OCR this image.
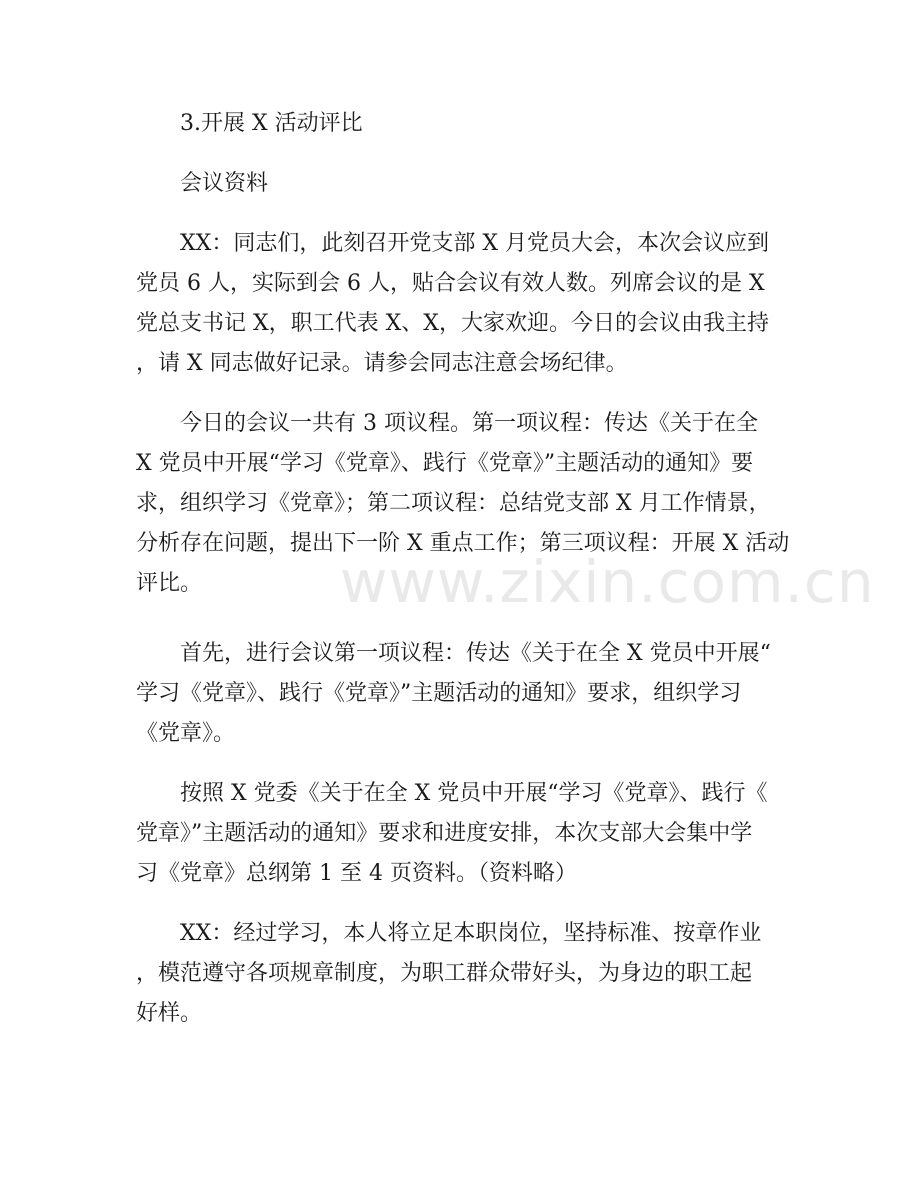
www.zixin.com.cn
3.开展 X 活动评比
会议资料
XX：同志们，此刻召开党支部 X 月党员大会，本次会议应到
党员 6 人，实际到会 6 人，贴合会议有效人数。列席会议的是 X
党总支书记 X，职工代表 X、X，大家欢迎。今日的会议由我主持
，请 X 同志做好记录。请参会同志注意会场纪律。
今日的会议一共有 3 项议程。第一项议程：传达《关于在全
X 党员中开展“学习《党章》、践行《党章》”主题活动的通知》要
求，组织学习《党章》；第二项议程：总结党支部 X 月工作情景，
分析存在问题，提出下一阶 X 重点工作；第三项议程：开展 X 活动
评比。
首先，进行会议第一项议程：传达《关于在全 X 党员中开展“
学习《党章》、践行《党章》”主题活动的通知》要求，组织学习
《党章》。
按照 X 党委《关于在全 X 党员中开展“学习《党章》、践行《
党章》”主题活动的通知》要求和进度安排，本次支部大会集中学
习《党章》总纲第 1 至 4 页资料。（资料略）
XX：经过学习，本人将立足本职岗位，坚持标准、按章作业
，模范遵守各项规章制度，为职工群众带好头，为身边的职工起
好样。
